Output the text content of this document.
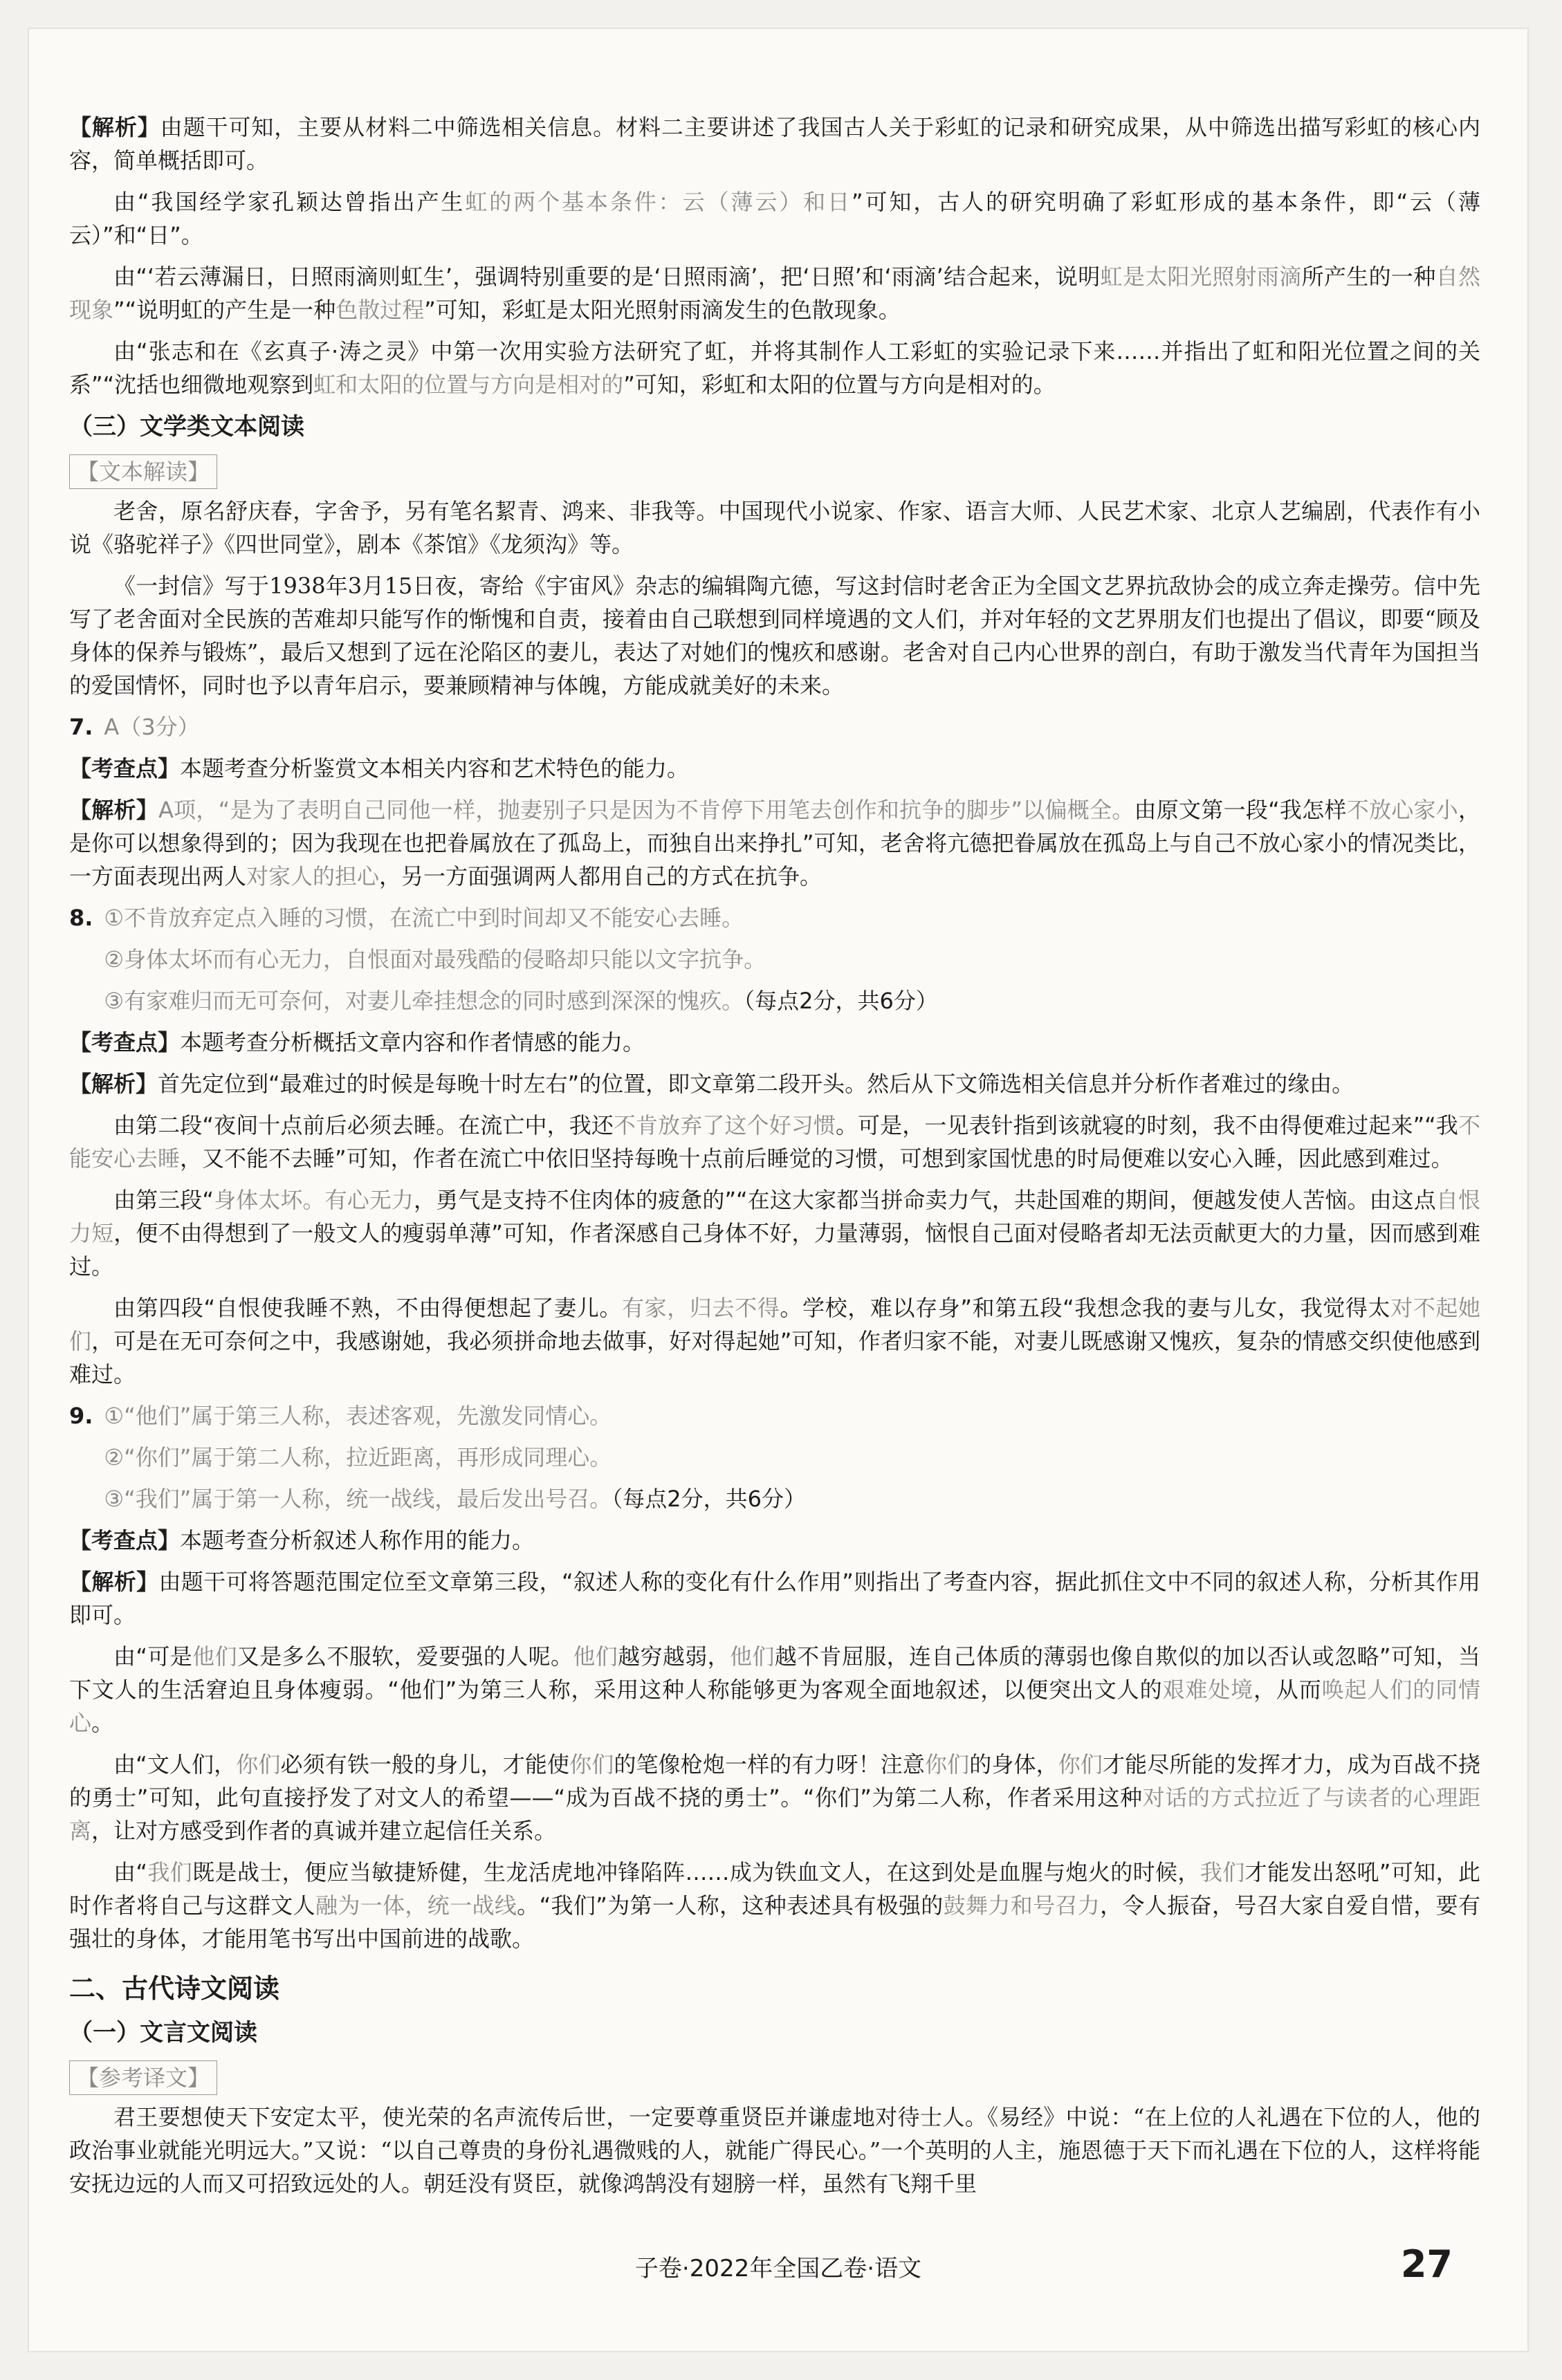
【解析】由题干可知，主要从材料二中筛选相关信息。材料二主要讲述了我国古人关于彩虹的记录和研究成果，从中筛选出描写彩虹的核心内容，简单概括即可。

由“我国经学家孔颖达曾指出产生虹的两个基本条件：云（薄云）和日”可知，古人的研究明确了彩虹形成的基本条件，即“云（薄云）”和“日”。

由“‘若云薄漏日，日照雨滴则虹生’，强调特别重要的是‘日照雨滴’，把‘日照’和‘雨滴’结合起来，说明虹是太阳光照射雨滴所产生的一种自然现象”“说明虹的产生是一种色散过程”可知，彩虹是太阳光照射雨滴发生的色散现象。

由“张志和在《玄真子·涛之灵》中第一次用实验方法研究了虹，并将其制作人工彩虹的实验记录下来……并指出了虹和阳光位置之间的关系”“沈括也细微地观察到虹和太阳的位置与方向是相对的”可知，彩虹和太阳的位置与方向是相对的。

（三）文学类文本阅读
【文本解读】

老舍，原名舒庆春，字舍予，另有笔名絜青、鸿来、非我等。中国现代小说家、作家、语言大师、人民艺术家、北京人艺编剧，代表作有小说《骆驼祥子》《四世同堂》，剧本《茶馆》《龙须沟》等。

《一封信》写于1938年3月15日夜，寄给《宇宙风》杂志的编辑陶亢德，写这封信时老舍正为全国文艺界抗敌协会的成立奔走操劳。信中先写了老舍面对全民族的苦难却只能写作的惭愧和自责，接着由自己联想到同样境遇的文人们，并对年轻的文艺界朋友们也提出了倡议，即要“顾及身体的保养与锻炼”，最后又想到了远在沦陷区的妻儿，表达了对她们的愧疚和感谢。老舍对自己内心世界的剖白，有助于激发当代青年为国担当的爱国情怀，同时也予以青年启示，要兼顾精神与体魄，方能成就美好的未来。

7. A（3分）

【考查点】本题考查分析鉴赏文本相关内容和艺术特色的能力。

【解析】A项，“是为了表明自己同他一样，抛妻别子只是因为不肯停下用笔去创作和抗争的脚步”以偏概全。由原文第一段“我怎样不放心家小，是你可以想象得到的；因为我现在也把眷属放在了孤岛上，而独自出来挣扎”可知，老舍将亢德把眷属放在孤岛上与自己不放心家小的情况类比，一方面表现出两人对家人的担心，另一方面强调两人都用自己的方式在抗争。

8. ①不肯放弃定点入睡的习惯，在流亡中到时间却又不能安心去睡。

②身体太坏而有心无力，自恨面对最残酷的侵略却只能以文字抗争。

③有家难归而无可奈何，对妻儿牵挂想念的同时感到深深的愧疚。（每点2分，共6分）

【考查点】本题考查分析概括文章内容和作者情感的能力。

【解析】首先定位到“最难过的时候是每晚十时左右”的位置，即文章第二段开头。然后从下文筛选相关信息并分析作者难过的缘由。

由第二段“夜间十点前后必须去睡。在流亡中，我还不肯放弃了这个好习惯。可是，一见表针指到该就寝的时刻，我不由得便难过起来”“我不能安心去睡，又不能不去睡”可知，作者在流亡中依旧坚持每晚十点前后睡觉的习惯，可想到家国忧患的时局便难以安心入睡，因此感到难过。

由第三段“身体太坏。有心无力，勇气是支持不住肉体的疲惫的”“在这大家都当拼命卖力气，共赴国难的期间，便越发使人苦恼。由这点自恨力短，便不由得想到了一般文人的瘦弱单薄”可知，作者深感自己身体不好，力量薄弱，恼恨自己面对侵略者却无法贡献更大的力量，因而感到难过。

由第四段“自恨使我睡不熟，不由得便想起了妻儿。有家，归去不得。学校，难以存身”和第五段“我想念我的妻与儿女，我觉得太对不起她们，可是在无可奈何之中，我感谢她，我必须拼命地去做事，好对得起她”可知，作者归家不能，对妻儿既感谢又愧疚，复杂的情感交织使他感到难过。

9. ①“他们”属于第三人称，表述客观，先激发同情心。

②“你们”属于第二人称，拉近距离，再形成同理心。

③“我们”属于第一人称，统一战线，最后发出号召。（每点2分，共6分）

【考查点】本题考查分析叙述人称作用的能力。

【解析】由题干可将答题范围定位至文章第三段，“叙述人称的变化有什么作用”则指出了考查内容，据此抓住文中不同的叙述人称，分析其作用即可。

由“可是他们又是多么不服软，爱要强的人呢。他们越穷越弱，他们越不肯屈服，连自己体质的薄弱也像自欺似的加以否认或忽略”可知，当下文人的生活窘迫且身体瘦弱。“他们”为第三人称，采用这种人称能够更为客观全面地叙述，以便突出文人的艰难处境，从而唤起人们的同情心。

由“文人们，你们必须有铁一般的身儿，才能使你们的笔像枪炮一样的有力呀！注意你们的身体，你们才能尽所能的发挥才力，成为百战不挠的勇士”可知，此句直接抒发了对文人的希望——“成为百战不挠的勇士”。“你们”为第二人称，作者采用这种对话的方式拉近了与读者的心理距离，让对方感受到作者的真诚并建立起信任关系。

由“我们既是战士，便应当敏捷矫健，生龙活虎地冲锋陷阵……成为铁血文人，在这到处是血腥与炮火的时候，我们才能发出怒吼”可知，此时作者将自己与这群文人融为一体，统一战线。“我们”为第一人称，这种表述具有极强的鼓舞力和号召力，令人振奋，号召大家自爱自惜，要有强壮的身体，才能用笔书写出中国前进的战歌。

二、古代诗文阅读
（一）文言文阅读
【参考译文】

君王要想使天下安定太平，使光荣的名声流传后世，一定要尊重贤臣并谦虚地对待士人。《易经》中说：“在上位的人礼遇在下位的人，他的政治事业就能光明远大。”又说：“以自己尊贵的身份礼遇微贱的人，就能广得民心。”一个英明的人主，施恩德于天下而礼遇在下位的人，这样将能安抚边远的人而又可招致远处的人。朝廷没有贤臣，就像鸿鹄没有翅膀一样，虽然有飞翔千里

子卷·2022年全国乙卷·语文	27
